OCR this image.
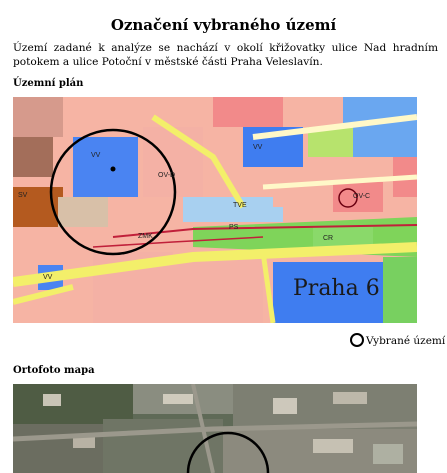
Označení vybraného území
Území zadané k analýze se nachází v okolí křižovatky ulice Nad hradním potokem a ulice Potoční v městské části Praha Veleslavín.
Územní plán
VV
OV-D
OV-C
ZMK
TVE
PS
SV
VV
CR
VV
Praha 6
Vybrané území
Ortofoto mapa
